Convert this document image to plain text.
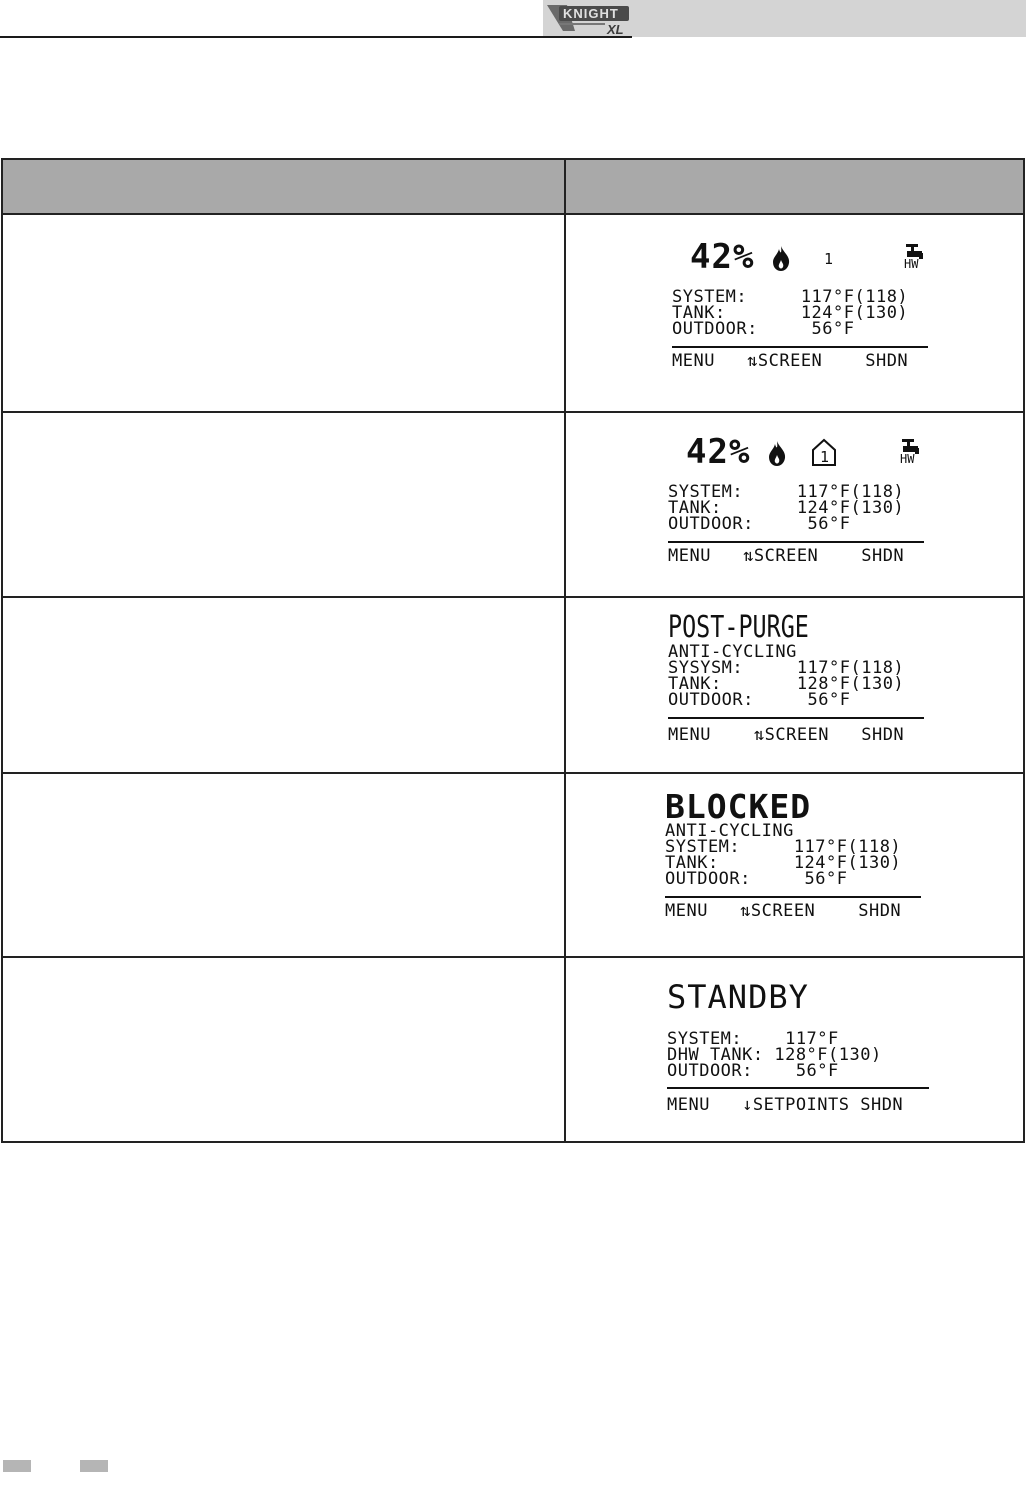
KNIGHT
XL
42%	1	HW
SYSTEM:     117°F(118)
TANK:       124°F(130)
OUTDOOR:     56°F
MENU   ⇅SCREEN    SHDN
42%	1	HW
SYSTEM:     117°F(118)
TANK:       124°F(130)
OUTDOOR:     56°F
MENU   ⇅SCREEN    SHDN
POST-PURGE
ANTI-CYCLING
SYSYSM:     117°F(118)
TANK:       128°F(130)
OUTDOOR:     56°F
MENU    ⇅SCREEN   SHDN
BLOCKED
ANTI-CYCLING
SYSTEM:     117°F(118)
TANK:       124°F(130)
OUTDOOR:     56°F
MENU   ⇅SCREEN    SHDN
STANDBY
SYSTEM:    117°F
DHW TANK: 128°F(130)
OUTDOOR:    56°F
MENU   ↓SETPOINTS SHDN
